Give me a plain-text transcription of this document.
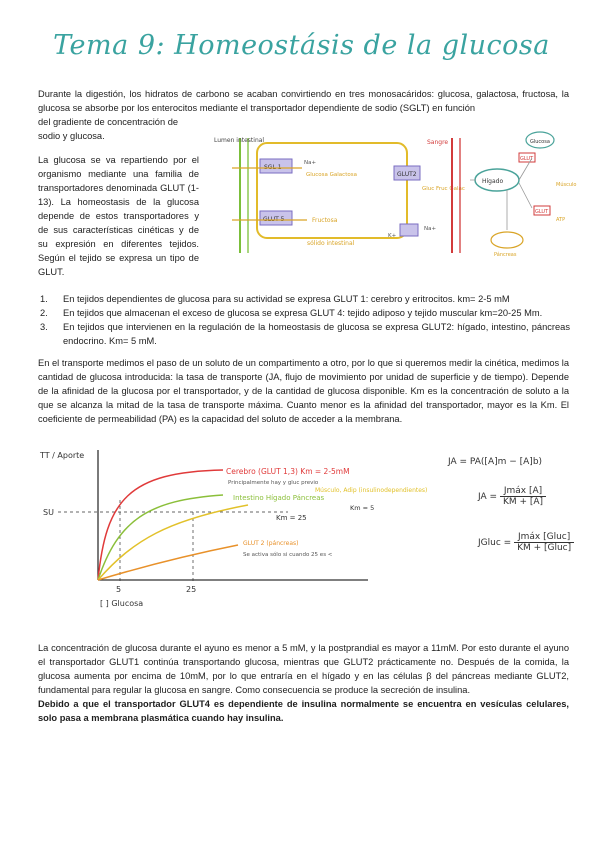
Tema 9: Homeostásis de la glucosa
Durante la digestión, los hidratos de carbono se acaban convirtiendo en tres monosacáridos: glucosa, galactosa, fructosa, la glucosa se absorbe por los enterocitos mediante el transportador dependiente de sodio (SGLT) en función
del gradiente de concentración de sodio y glucosa.
La glucosa se va repartiendo por el organismo mediante una familia de transportadores denominada GLUT (1-13). La homeostasis de la glucosa depende de estos transportadores y de sus características cinéticas y de su expresión en diferentes tejidos. Según el tejido se expresa un tipo de GLUT.
Lumen intestinal
SGL 1
GLUT 5
Na+
Glucosa Galactosa
Fructosa
sólido intestinal
GLUT2
Gluc Fruc Galac
K+
Na+
Sangre
Hígado
Glucosa
GLUT
GLUT
Músculo
ATP
Páncreas
1.	En tejidos dependientes de glucosa para su actividad se expresa GLUT 1: cerebro y eritrocitos. km= 2-5 mM
2.	En tejidos que almacenan el exceso de glucosa se expresa GLUT 4: tejido adiposo y tejido muscular km=20-25 Mm.
3.	En tejidos que intervienen en la regulación de la homeostasis de glucosa se expresa GLUT2: hígado, intestino, páncreas endocrino. Km= 5 mM.
En el transporte medimos el paso de un soluto de un compartimento a otro, por lo que si queremos medir la cinética, medimos la cantidad de glucosa introducida: la tasa de transporte (JA, flujo de movimiento por unidad de superficie y de tiempo). Depende de la afinidad de la glucosa por el transportador, y de la cantidad de glucosa disponible. Km es la concentración de soluto a la que se alcanza la mitad de la tasa de transporte máxima. Cuanto menor es la afinidad del transportador, mayor es la Km. El coeficiente de permeabilidad (PA) es la capacidad del soluto de acceder a la membrana.
TT / Aporte
SU
5	25
[ ] Glucosa
Cerebro (GLUT 1,3) Km = 2-5mM
Principalmente hay y gluc previo
Intestino Hígado Páncreas
Km = 25
Músculo, Adip (insulinodependientes)
Km = 5
GLUT 2 (páncreas)
Se activa sólo si cuando 25 es <
JA = PA([A]m − [A]b)
JA = $\frac{\text{Jmáx [A]}}{KM + [A]}$
JGluc = $\frac{\text{Jmáx [Gluc]}}{\text{KM + [Gluc]}}$
La concentración de glucosa durante el ayuno es menor a 5 mM, y la postprandial es mayor a 11mM. Por esto durante el ayuno el transportador GLUT1 continúa transportando glucosa, mientras que GLUT2 prácticamente no. Después de la comida, la glucosa aumenta por encima de 10mM, por lo que entraría en el hígado y en las células β del páncreas mediante GLUT2, fundamental para regular la glucosa en sangre. Como consecuencia se produce la secreción de insulina.
Debido a que el transportador GLUT4 es dependiente de insulina normalmente se encuentra en vesículas celulares, solo pasa a membrana plasmática cuando hay insulina.
